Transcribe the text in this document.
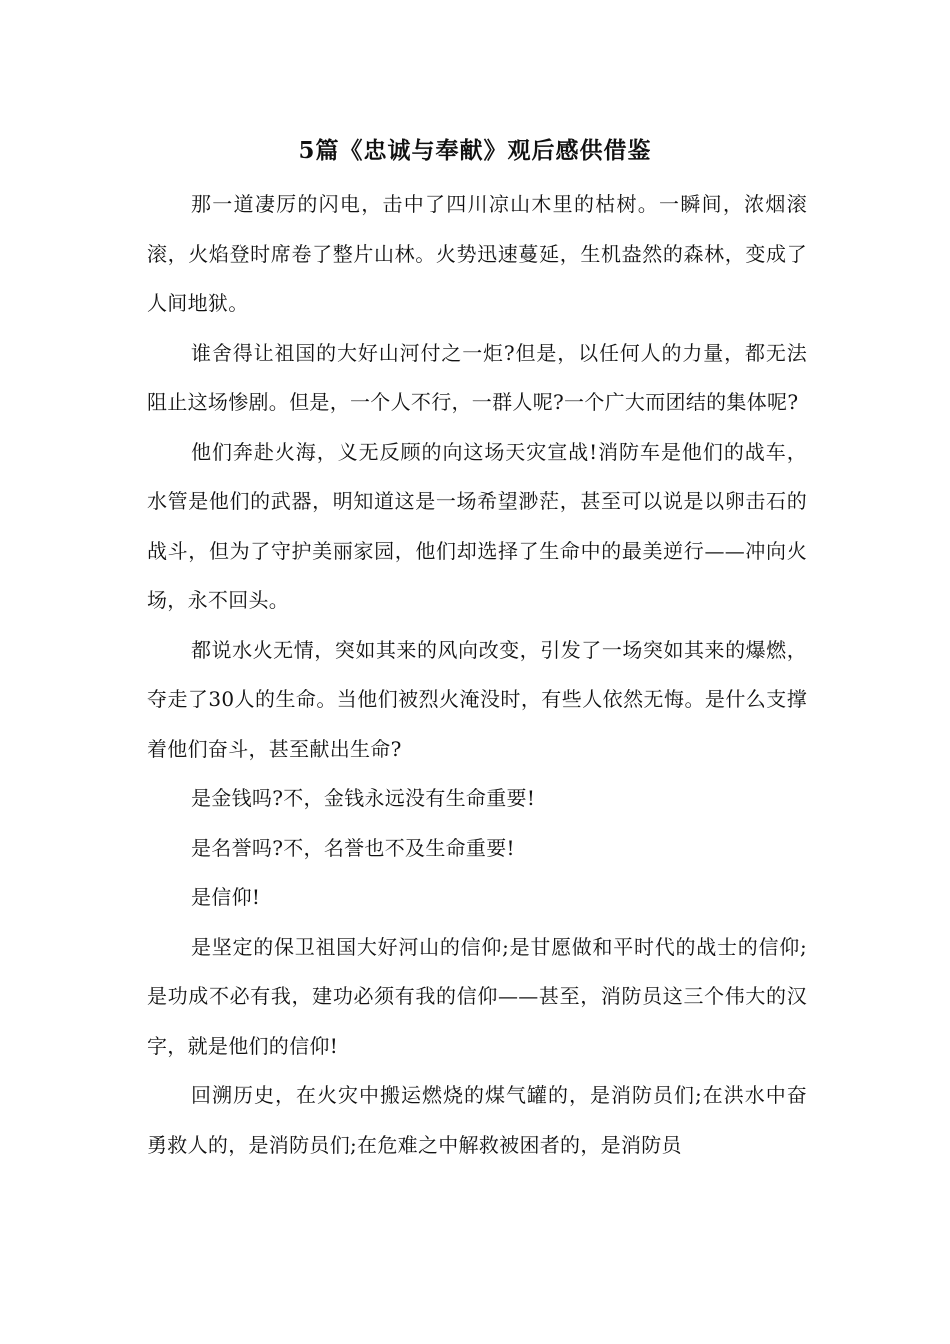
5篇《忠诚与奉献》观后感供借鉴

那一道凄厉的闪电，击中了四川凉山木里的枯树。一瞬间，浓烟滚滚，火焰登时席卷了整片山林。火势迅速蔓延，生机盎然的森林，变成了人间地狱。

谁舍得让祖国的大好山河付之一炬?但是，以任何人的力量，都无法阻止这场惨剧。但是，一个人不行，一群人呢?一个广大而团结的集体呢?

他们奔赴火海，义无反顾的向这场天灾宣战!消防车是他们的战车，水管是他们的武器，明知道这是一场希望渺茫，甚至可以说是以卵击石的战斗，但为了守护美丽家园，他们却选择了生命中的最美逆行——冲向火场，永不回头。

都说水火无情，突如其来的风向改变，引发了一场突如其来的爆燃，夺走了30人的生命。当他们被烈火淹没时，有些人依然无悔。是什么支撑着他们奋斗，甚至献出生命?

是金钱吗?不，金钱永远没有生命重要!

是名誉吗?不，名誉也不及生命重要!

是信仰!

是坚定的保卫祖国大好河山的信仰;是甘愿做和平时代的战士的信仰;是功成不必有我，建功必须有我的信仰——甚至，消防员这三个伟大的汉字，就是他们的信仰!

回溯历史，在火灾中搬运燃烧的煤气罐的，是消防员们;在洪水中奋勇救人的，是消防员们;在危难之中解救被困者的，是消防员
